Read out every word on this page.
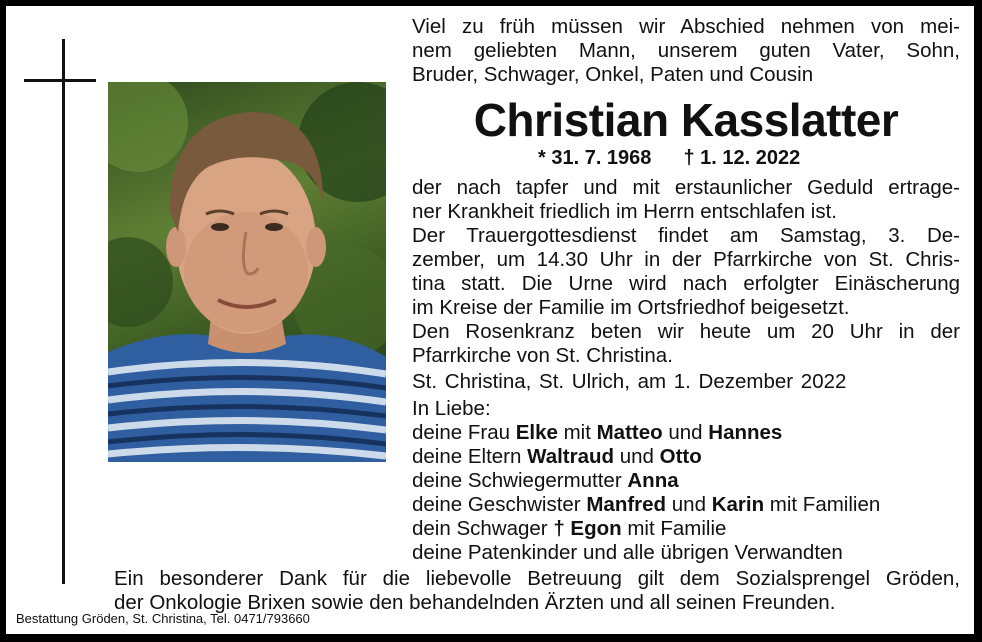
Viel zu früh müssen wir Abschied nehmen von mei-
nem geliebten Mann, unserem guten Vater, Sohn,
Bruder, Schwager, Onkel, Paten und Cousin
Christian Kasslatter
* 31. 7. 1968 † 1. 12. 2022
der nach tapfer und mit erstaunlicher Geduld ertrage-
ner Krankheit friedlich im Herrn entschlafen ist.
Der Trauergottesdienst findet am Samstag, 3. De-
zember, um 14.30 Uhr in der Pfarrkirche von St. Chris-
tina statt. Die Urne wird nach erfolgter Einäscherung
im Kreise der Familie im Ortsfriedhof beigesetzt.
Den Rosenkranz beten wir heute um 20 Uhr in der
Pfarrkirche von St. Christina.
St. Christina, St. Ulrich, am 1. Dezember 2022
In Liebe:
deine Frau Elke mit Matteo und Hannes
deine Eltern Waltraud und Otto
deine Schwiegermutter Anna
deine Geschwister Manfred und Karin mit Familien
dein Schwager † Egon mit Familie
deine Patenkinder und alle übrigen Verwandten
Ein besonderer Dank für die liebevolle Betreuung gilt dem Sozialsprengel Gröden,
der Onkologie Brixen sowie den behandelnden Ärzten und all seinen Freunden.
Bestattung Gröden, St. Christina, Tel. 0471/793660
